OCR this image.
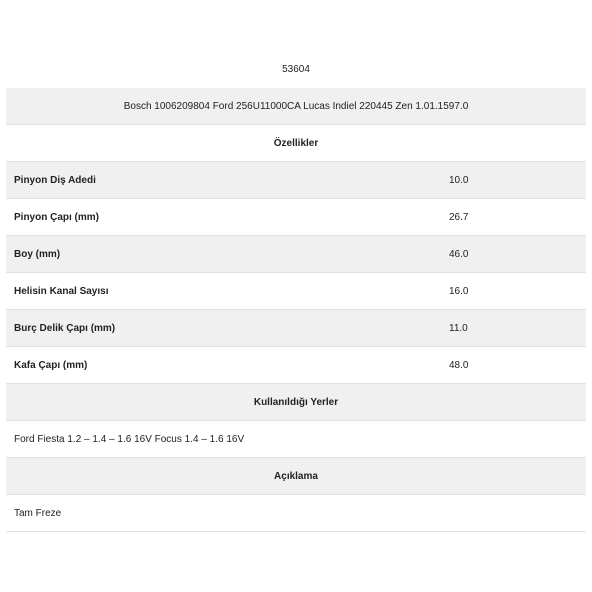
53604
Bosch 1006209804 Ford 256U11000CA Lucas Indiel 220445 Zen 1.01.1597.0
Özellikler
Pinyon Diş Adedi	10.0
Pinyon Çapı (mm)	26.7
Boy (mm)	46.0
Helisin Kanal Sayısı	16.0
Burç Delik Çapı (mm)	11.0
Kafa Çapı (mm)	48.0
Kullanıldığı Yerler
Ford Fiesta 1.2 – 1.4 – 1.6 16V Focus 1.4 – 1.6 16V
Açıklama
Tam Freze
